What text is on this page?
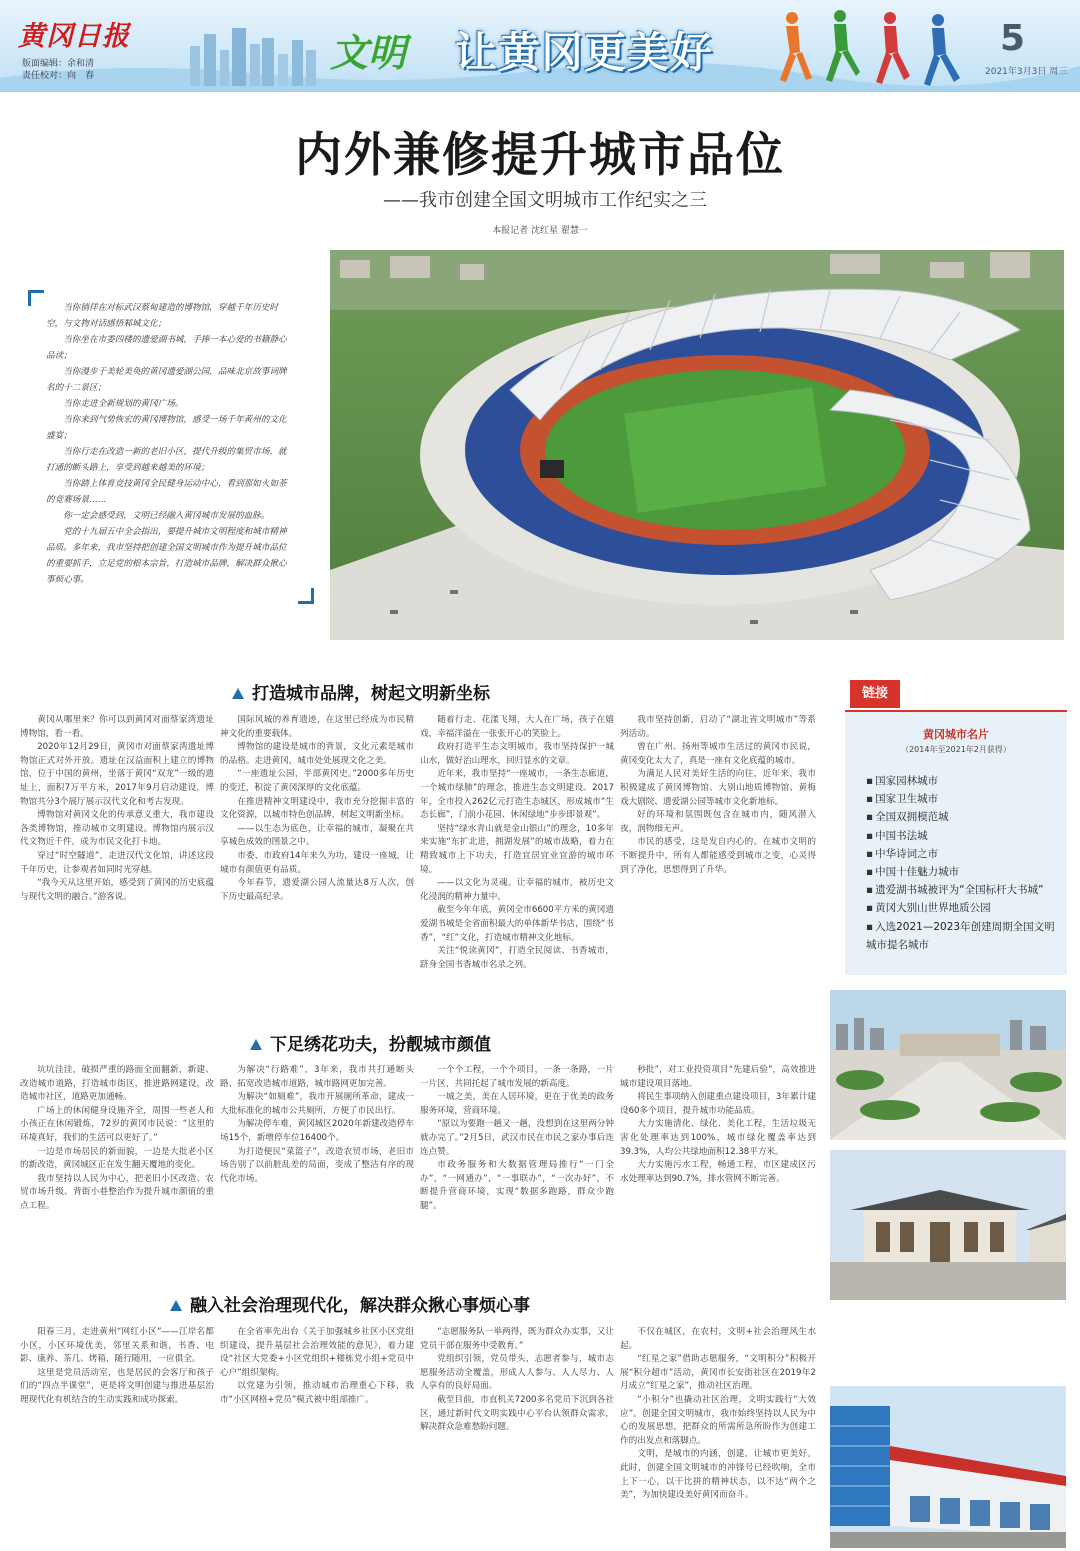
黄冈日报
版面编辑：余和清
责任校对：向　春
文明 让黄冈更美好	5
2021年3月3日 周三
内外兼修提升城市品位
——我市创建全国文明城市工作纪实之三
本报记者 沈红星 翟慧一

当你徜徉在对标武汉蔡甸建造的博物馆，穿越千年历史时空，与文物对话感悟邾城文化；

当你坐在市委四楼的遗爱湖书城，手捧一本心爱的书籍静心品读；

当你漫步于美轮美奂的黄冈遗爱湖公园，品味北京故事词牌名的十二景区；

当你走进全新规划的黄冈广场。

当你来到气势恢宏的黄冈博物馆，感受一场千年黄州的文化盛宴；

当你行走在改造一新的老旧小区，提代升级的集贸市场，就打通的断头路上，享受到越来越美的环境；

当你踏上体育竞技黄冈全民健身运动中心，看到那如火如荼的竞赛场景……

你一定会感受到，文明已经融入黄冈城市发展的血脉。

党的十九届五中全会指出，要提升城市文明程度和城市精神品质。多年来，我市坚持把创建全国文明城市作为提升城市品位的重要抓手，立足党的根本宗旨，打造城市品牌，解决群众揪心事烦心事。

打造城市品牌，树起文明新坐标

黄冈从哪里来？你可以到黄冈对面蔡家湾遗址博物馆，看一看。

2020年12月29日，黄冈市对面蔡家湾遗址博物馆正式对外开放。遗址在汉益面积上建立的博物馆，位于中国的黄州，坐落于黄冈“双龙”一级的遗址上，面积7万平方米，2017年9月启动建设，博物馆共分3个展厅展示汉代文化和考古发现。

博物馆对黄冈文化的传承意义重大，我市建设各类博物馆，推动城市文明建设。博物馆内展示汉代文物近千件，成为市民文化打卡地。

穿过“时空隧道”，走进汉代文化馆，讲述这段千年历史，让参观者如同时光穿越。

“我今天从这里开始，感受到了黄冈的历史底蕴与现代文明的融合。”游客说。

国际风城的养育遗迹，在这里已经成为市民精神文化的重要载体。

博物馆的建设是城市的背景，文化元素是城市的品格。走进黄冈，城市处处展现文化之美。

“一座遗址公园，半部黄冈史。”2000多年历史的变迁，积淀了黄冈深厚的文化底蕴。

在推进精神文明建设中，我市充分挖掘丰富的文化资源，以城市特色创品牌，树起文明新坐标。

——以生态为底色，让幸福的城市，凝聚在共享城色成效的图景之中。

市委、市政府14年来久为功，建设一座城，让城市有颜值更有品质。

今年春节，遗爱湖公园人流量达8万人次，创下历史最高纪录。

随着行走、花漾飞翔，大人在广场，孩子在嬉戏，幸福洋溢在一张张开心的笑脸上。

政府打造平生态文明城市，我市坚持保护一城山水，做好治山理水，回归显水的文章。

近年来，我市坚持“一座城市，一条生态廊道，一个城市绿肺”的理念，推进生态文明建设。2017年，全市投入262亿元打造生态城区，形成城市“生态长廊”，门前小花园、休闲绿地“步步即景观”。

坚持“绿水青山就是金山银山”的理念，10多年来实施“东扩北进，拥湖发展”的城市战略，着力在精致城市上下功夫，打造宜居宜业宜游的城市环境。

——以文化为灵魂。让幸福的城市，被历史文化浸润的精神力量中。

截至今年年底，黄冈全市6600平方米的黄冈遗爱湖书城是全省面积最大的单体新华书店，围绕“书香”，“红”文化，打造城市精神文化地标。

关注“悦读黄冈”，打造全民阅读、书香城市，跻身全国书香城市名录之列。

我市坚持创新，启动了“湖北省文明城市”等系列活动。

曾在广州、扬州等城市生活过的黄冈市民说，黄冈变化太大了，真是一座有文化底蕴的城市。

为满足人民对美好生活的向往，近年来，我市积极建成了黄冈博物馆、大别山地质博物馆、黄梅戏大剧院、遗爱湖公园等城市文化新地标。

好的环境和氛围既包含在城市内，随风潜入夜，润物细无声。

市民的感受，这是发自内心的。在城市文明的不断提升中，所有人都能感受到城市之变，心灵得到了净化，思想得到了升华。

链接
黄冈城市名片
（2014年至2021年2月获得）
▪ 国家园林城市
▪ 国家卫生城市
▪ 全国双拥模范城
▪ 中国书法城
▪ 中华诗词之市
▪ 中国十佳魅力城市
▪ 遗爱湖书城被评为“全国标杆大书城”
▪ 黄冈大别山世界地质公园
▪ 入选2021—2023年创建周期全国文明城市提名城市
下足绣花功夫，扮靓城市颜值

坑坑洼洼，破损严重的路面全面翻新，新建、改造城市道路，打造城市街区，推进路网建设，改造城市社区，道路更加通畅。

广场上的休闲健身设施齐全，周围一些老人和小孩正在休闲锻炼，72岁的黄冈市民说：“这里的环境真好，我们的生活可以更好了。”

一边是市场居民的新面貌，一边是大批老小区的新改造，黄冈城区正在发生翻天覆地的变化。

我市坚持以人民为中心，把老旧小区改造、农贸市场升级、背街小巷整治作为提升城市颜值的重点工程。

为解决“行路难”，3年来，我市共打通断头路、拓宽改造城市道路，城市路网更加完善。

为解决“如厕难”，我市开展厕所革命，建成一大批标准化的城市公共厕所，方便了市民出行。

为解决停车难，黄冈城区2020年新建改造停车场15个，新增停车位16400个。

为打造便民“菜篮子”，改造农贸市场，老旧市场告别了以前脏乱差的局面，变成了整洁有序的现代化市场。

一个个工程，一个个项目，一条一条路，一片一片区，共同托起了城市发展的新高度。

一城之美，美在人居环境，更在于优美的政务服务环境，营商环境。

“原以为要跑一趟又一趟，没想到在这里两分钟就办完了。”2月5日，武汉市民在市民之家办事后连连点赞。

市政务服务和大数据管理局推行“一门全办”，“一网通办”，“一事联办”，“一次办好”，不断提升营商环境，实现“数据多跑路，群众少跑腿”。

秒批”，对工业投资项目“先建后验”，高效推进城市建设项目落地。

将民生事项纳入创建重点建设项目，3年累计建设60多个项目，提升城市功能品质。

大力实施清化、绿化、美化工程，生活垃圾无害化处理率达到100%，城市绿化覆盖率达到39.3%，人均公共绿地面积12.38平方米。

大力实施污水工程，畅通工程，市区建成区污水处理率达到90.7%，排水管网不断完善。

融入社会治理现代化，解决群众揪心事烦心事

阳春三月，走进黄州“网红小区”——江岸名都小区，小区环境优美，邻里关系和谐，书香、电影、康养、茶几、烤箱，随行随用，一应俱全。

这里是党员活动室，也是居民的会客厅和孩子们的“四点半课堂”，更是将文明创建与推进基层治理现代化有机结合的生动实践和成功探索。

在全省率先出台《关于加强城乡社区小区党组织建设，提升基层社会治理效能的意见》，着力建设“社区大党委+小区党组织+楼栋党小组+党员中心户”组织架构。

以党建为引领，推动城市治理重心下移，我市“小区网格+党员”模式被中组部推广。

“志愿服务队一举两得，既为群众办实事，又让党员干部在服务中受教育。”

党组织引领，党员带头，志愿者参与，城市志愿服务活动全覆盖，形成人人参与、人人尽力、人人享有的良好局面。

截至目前，市直机关7200多名党员下沉到各社区，通过新时代文明实践中心平台认领群众需求，解决群众急难愁盼问题。

不仅在城区，在农村，文明+社会治理风生水起。

“红星之家”借助志愿服务，“文明积分”积极开展“积分超市”活动，黄冈市长安街社区在2019年2月成立“红星之家”，推动社区治理。

“小积分”也撬动社区治理，文明实践行“大效应”。创建全国文明城市，我市始终坚持以人民为中心的发展思想，把群众的所需所急所盼作为创建工作的出发点和落脚点。

文明，是城市的内涵，创建，让城市更美好。此时，创建全国文明城市的冲锋号已经吹响，全市上下一心，以干比拼的精神状态，以不达“两个之美”，为加快建设美好黄冈而奋斗。
